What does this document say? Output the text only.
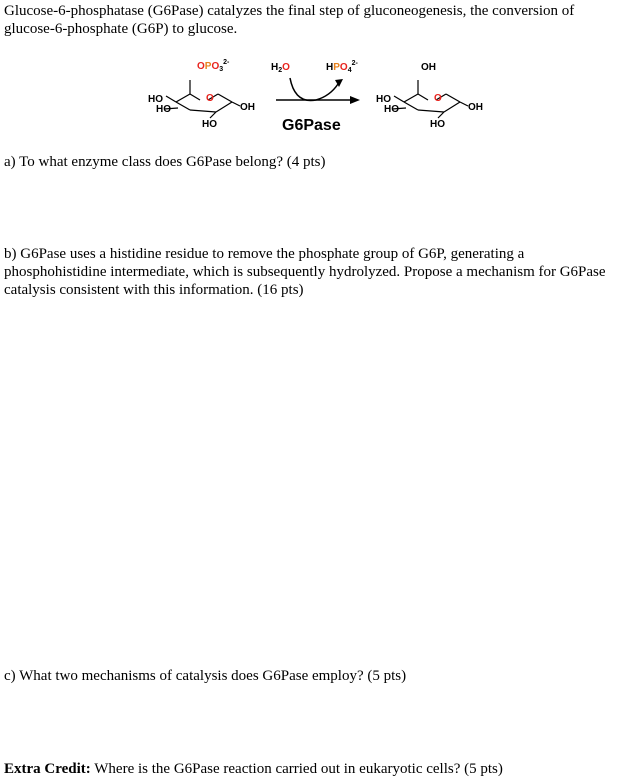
Glucose-6-phosphatase (G6Pase) catalyzes the final step of gluconeogenesis, the conversion of glucose-6-phosphate (G6P) to glucose.

$OPO_3^{2-}$
O
HO
HO	OH
HO
$H_2O$	$HPO_4^{2-}$
G6Pase
OH
O
HO
HO	OH
HO

a) To what enzyme class does G6Pase belong? (4 pts)

b) G6Pase uses a histidine residue to remove the phosphate group of G6P, generating a phosphohistidine intermediate, which is subsequently hydrolyzed. Propose a mechanism for G6Pase catalysis consistent with this information. (16 pts)

c) What two mechanisms of catalysis does G6Pase employ? (5 pts)

Extra Credit: Where is the G6Pase reaction carried out in eukaryotic cells? (5 pts)
